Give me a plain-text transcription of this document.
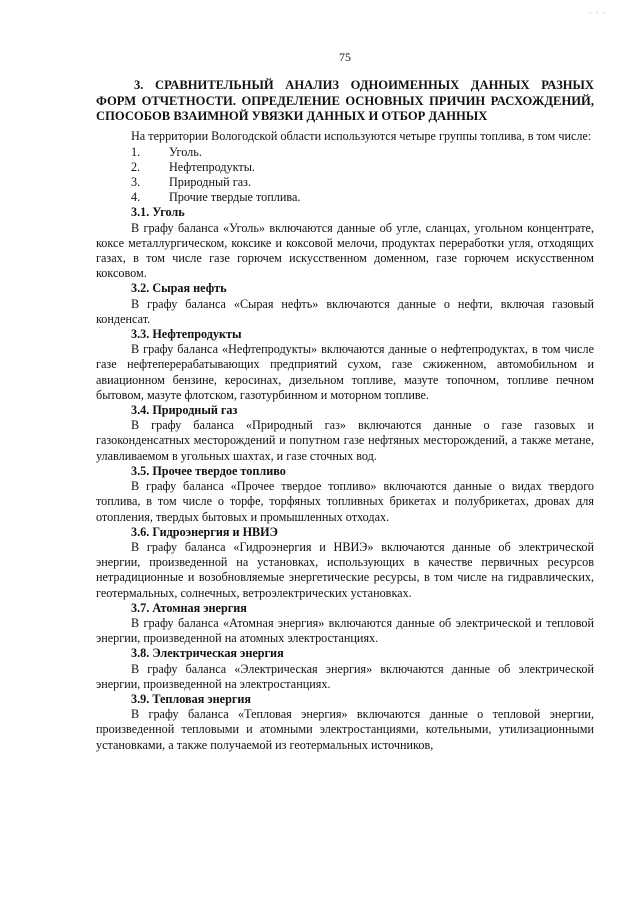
- - -
75
3. СРАВНИТЕЛЬНЫЙ АНАЛИЗ ОДНОИМЕННЫХ ДАННЫХ РАЗНЫХ ФОРМ ОТЧЕТНОСТИ. ОПРЕДЕЛЕНИЕ ОСНОВНЫХ ПРИЧИН РАСХОЖДЕНИЙ, СПОСОБОВ ВЗАИМНОЙ УВЯЗКИ ДАННЫХ И ОТБОР ДАННЫХ

На территории Вологодской области используются четыре группы топлива, в том числе:

1.	Уголь.
2.	Нефтепродукты.
3.	Природный газ.
4.	Прочие твердые топлива.
3.1. Уголь

В графу баланса «Уголь» включаются данные об угле, сланцах, угольном концентрате, коксе металлургическом, коксике и коксовой мелочи, продуктах переработки угля, отходящих газах, в том числе газе горючем искусственном доменном, газе горючем искусственном коксовом.

3.2. Сырая нефть

В графу баланса «Сырая нефть» включаются данные о нефти, включая газовый конденсат.

3.3. Нефтепродукты

В графу баланса «Нефтепродукты» включаются данные о нефтепродуктах, в том числе газе нефтеперерабатывающих предприятий сухом, газе сжиженном, автомобильном и авиационном бензине, керосинах, дизельном топливе, мазуте топочном, топливе печном бытовом, мазуте флотском, газотурбинном и моторном топливе.

3.4. Природный газ

В графу баланса «Природный газ» включаются данные о газе газовых и газоконденсатных месторождений и попутном газе нефтяных месторождений, а также метане, улавливаемом в угольных шахтах, и газе сточных вод.

3.5. Прочее твердое топливо

В графу баланса «Прочее твердое топливо» включаются данные о видах твердого топлива, в том числе о торфе, торфяных топливных брикетах и полубрикетах, дровах для отопления, твердых бытовых и промышленных отходах.

3.6. Гидроэнергия и НВИЭ

В графу баланса «Гидроэнергия и НВИЭ» включаются данные об электрической энергии, произведенной на установках, использующих в качестве первичных ресурсов нетрадиционные и возобновляемые энергетические ресурсы, в том числе на гидравлических, геотермальных, солнечных, ветроэлектрических установках.

3.7. Атомная энергия

В графу баланса «Атомная энергия» включаются данные об электрической и тепловой энергии, произведенной на атомных электростанциях.

3.8. Электрическая энергия

В графу баланса «Электрическая энергия» включаются данные об электрической энергии, произведенной на электростанциях.

3.9. Тепловая энергия

В графу баланса «Тепловая энергия» включаются данные о тепловой энергии, произведенной тепловыми и атомными электростанциями, котельными, утилизационными установками, а также получаемой из геотермальных источников,
